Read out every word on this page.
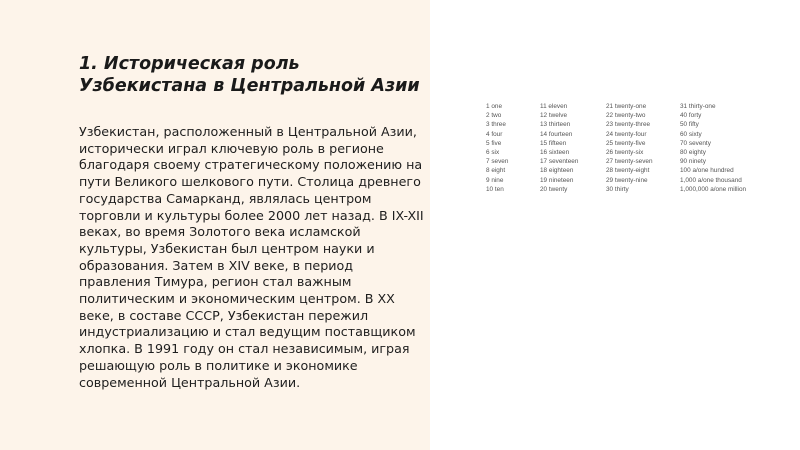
1. Историческая роль Узбекистана в Центральной Азии

Узбекистан, расположенный в Центральной Азии, исторически играл ключевую роль в регионе благодаря своему стратегическому положению на пути Великого шелкового пути. Столица древнего государства Самарканд, являлась центром торговли и культуры более 2000 лет назад. В IX-XII веках, во время Золотого века исламской культуры, Узбекистан был центром науки и образования. Затем в XIV веке, в период правления Тимура, регион стал важным политическим и экономическим центром. В XX веке, в составе СССР, Узбекистан пережил индустриализацию и стал ведущим поставщиком хлопка. В 1991 году он стал независимым, играя решающую роль в политике и экономике современной Центральной Азии.

1 one	11 eleven	21 twenty-one	31 thirty-one
2 two	12 twelve	22 twenty-two	40 forty
3 three	13 thirteen	23 twenty-three	50 fifty
4 four	14 fourteen	24 twenty-four	60 sixty
5 five	15 fifteen	25 twenty-five	70 seventy
6 six	16 sixteen	26 twenty-six	80 eighty
7 seven	17 seventeen	27 twenty-seven	90 ninety
8 eight	18 eighteen	28 twenty-eight	100 a/one hundred
9 nine	19 nineteen	29 twenty-nine	1,000 a/one thousand
10 ten	20 twenty	30 thirty	1,000,000 a/one million
